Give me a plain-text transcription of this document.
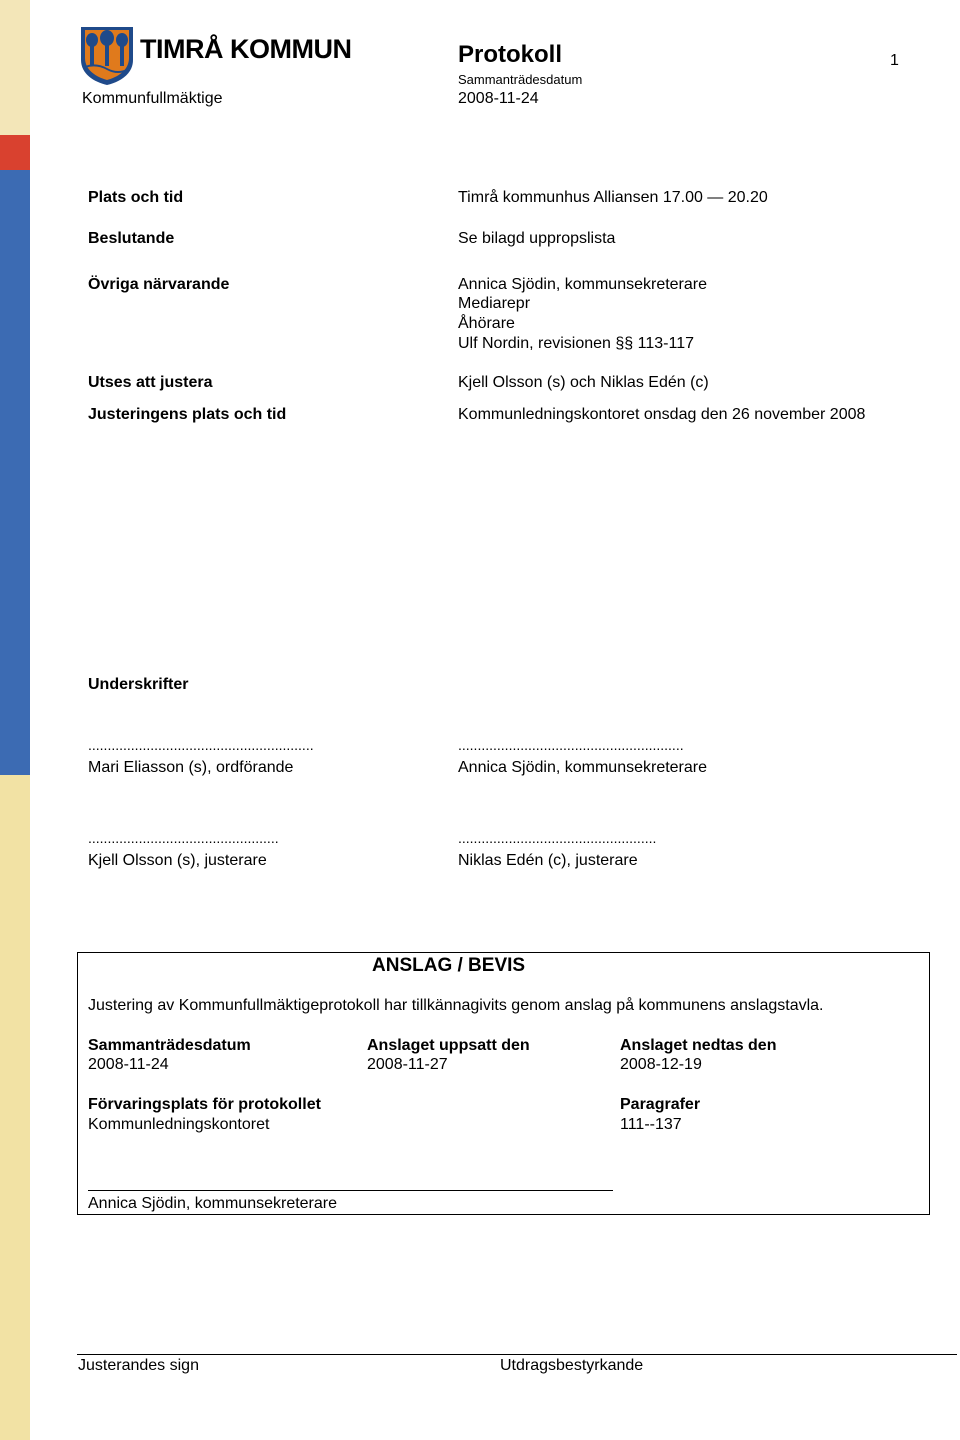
TIMRÅ KOMMUN
Kommunfullmäktige
Protokoll
Sammanträdesdatum
2008-11-24
1
Plats och tid	Timrå kommunhus Alliansen 17.00 — 20.20
Beslutande	Se bilagd uppropslista
Övriga närvarande	Annica Sjödin, kommunsekreterare
Mediarepr
Åhörare
Ulf Nordin, revisionen §§ 113-117
Utses att justera	Kjell Olsson (s) och Niklas Edén (c)
Justeringens plats och tid	Kommunledningskontoret onsdag den 26 november 2008
Underskrifter
..........................................................	..........................................................
Mari Eliasson (s), ordförande	Annica Sjödin, kommunsekreterare
.................................................	...................................................
Kjell Olsson (s), justerare	Niklas Edén (c), justerare
ANSLAG / BEVIS
Justering av Kommunfullmäktigeprotokoll har tillkännagivits genom anslag på kommunens anslagstavla.
Sammanträdesdatum
2008-11-24
Anslaget uppsatt den
2008-11-27
Anslaget nedtas den
2008-12-19
Förvaringsplats för protokollet
Kommunledningskontoret
Paragrafer
111--137
Annica Sjödin, kommunsekreterare
Justerandes sign	Utdragsbestyrkande
